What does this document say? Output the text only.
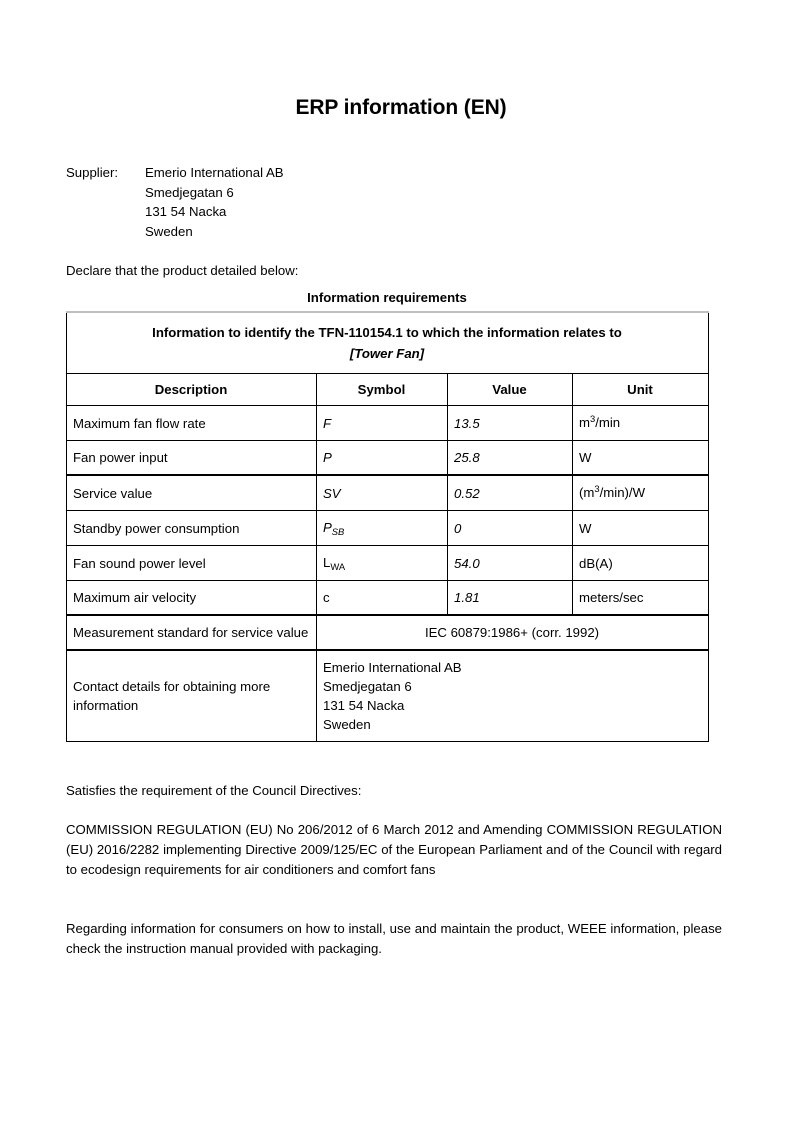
ERP information (EN)
Supplier:	Emerio International AB
Smedjegatan 6
131 54 Nacka
Sweden
Declare that the product detailed below:
Information requirements
Information to identify the TFN-110154.1 to which the information relates to
[Tower Fan]			
Description	Symbol	Value	Unit
Maximum fan flow rate	F	13.5	$m^3/\min$
Fan power input	P	25.8	W
Service value	SV	0.52	$(m^3/\min)/W$
Standby power consumption	$P_{SB}$	0	W
Fan sound power level	$L_{WA}$	54.0	dB(A)
Maximum air velocity	c	1.81	meters/sec
Measurement standard for service value	IEC 60879:1986+ (corr. 1992)		
Contact details for obtaining more information	Emerio International AB
Smedjegatan 6
131 54 Nacka
Sweden		
Satisfies the requirement of the Council Directives:
COMMISSION REGULATION (EU) No 206/2012 of 6 March 2012 and Amending COMMISSION REGULATION (EU) 2016/2282 implementing Directive 2009/125/EC of the European Parliament and of the Council with regard to ecodesign requirements for air conditioners and comfort fans
Regarding information for consumers on how to install, use and maintain the product, WEEE information, please check the instruction manual provided with packaging.
